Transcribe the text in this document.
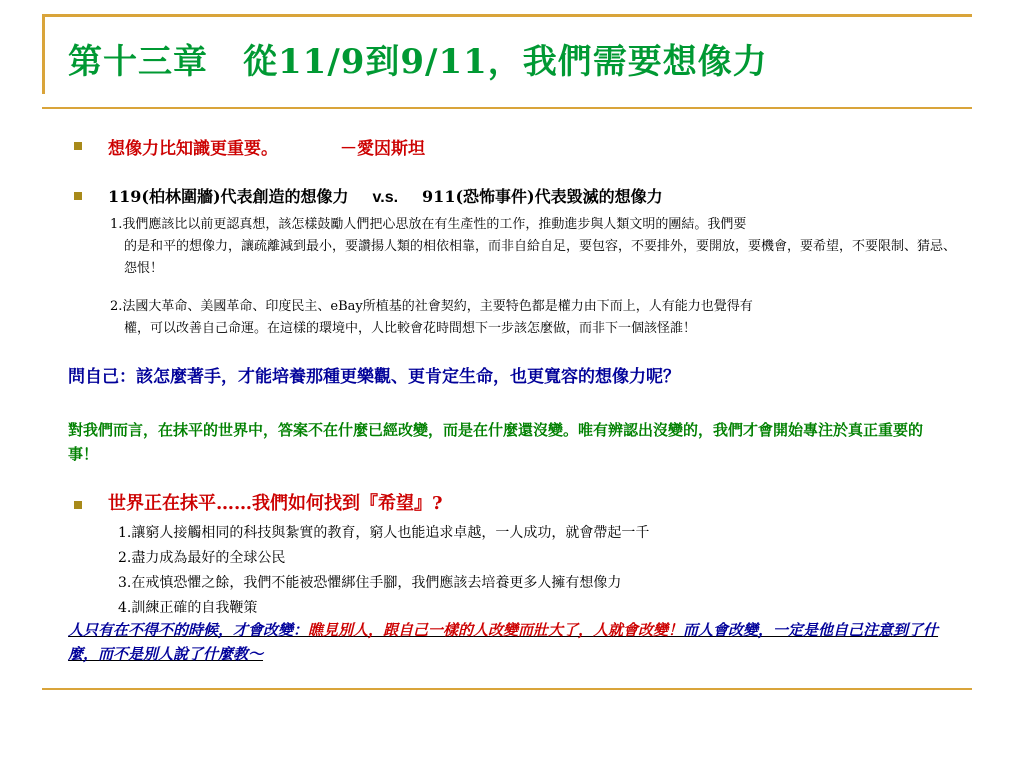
第十三章　從11/9到9/11，我們需要想像力
想像力比知識更重要。	－愛因斯坦
119(柏林圍牆)代表創造的想像力 v.s. 911(恐怖事件)代表毀滅的想像力
1.我們應該比以前更認真想，該怎樣鼓勵人們把心思放在有生產性的工作，推動進步與人類文明的團結。我們要
的是和平的想像力，讓疏離減到最小，要讚揚人類的相依相靠，而非自給自足，要包容，不要排外，要開放，要機會，要希望，不要限制、猜忌、怨恨！
2.法國大革命、美國革命、印度民主、eBay所植基的社會契約，主要特色都是權力由下而上，人有能力也覺得有
權，可以改善自己命運。在這樣的環境中，人比較會花時間想下一步該怎麼做，而非下一個該怪誰！
問自己：該怎麼著手，才能培養那種更樂觀、更肯定生命，也更寬容的想像力呢？
對我們而言，在抹平的世界中，答案不在什麼已經改變，而是在什麼還沒變。唯有辨認出沒變的，我們才會開始專注於真正重要的事！
世界正在抹平……我們如何找到『希望』?
1.讓窮人接觸相同的科技與紮實的教育，窮人也能追求卓越，一人成功，就會帶起一千
2.盡力成為最好的全球公民
3.在戒慎恐懼之餘，我們不能被恐懼綁住手腳，我們應該去培養更多人擁有想像力
4.訓練正確的自我鞭策
人只有在不得不的時候，才會改變：瞧見別人，跟自己一樣的人改變而壯大了，人就會改變！而人會改變，一定是他自己注意到了什麼，而不是別人說了什麼教～
